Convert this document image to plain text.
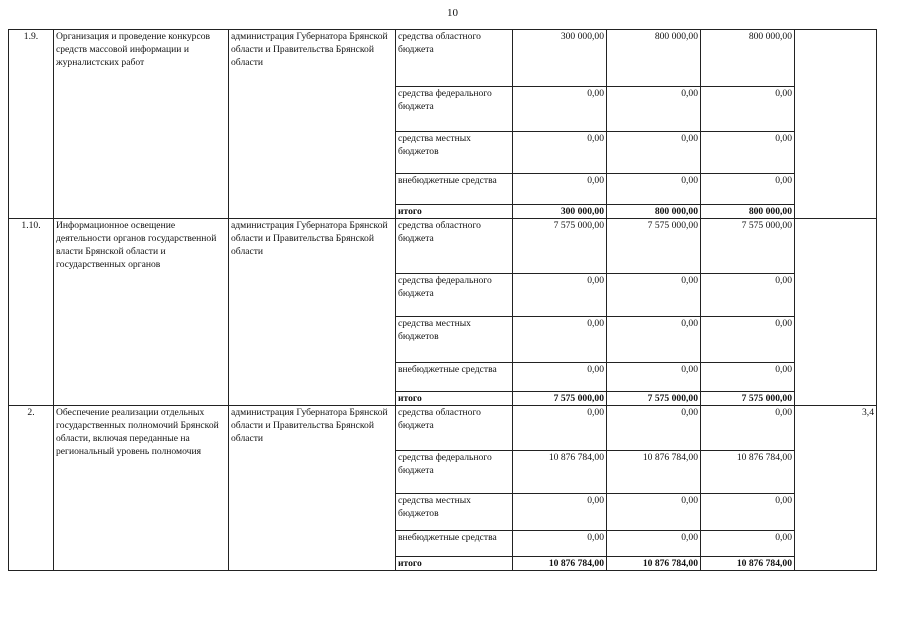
10
1.9.	Организация и проведение конкурсов средств массовой информации и журналистских работ	администрация Губернатора Брянской области и Правительства Брянской области	средства областного бюджета	300 000,00	800 000,00	800 000,00	
			средства федерального бюджета	0,00	0,00	0,00	
			средства местных бюджетов	0,00	0,00	0,00	
			внебюджетные средства	0,00	0,00	0,00	
			итого	300 000,00	800 000,00	800 000,00	
1.10.	Информационное освещение деятельности органов государственной власти Брянской области и государственных органов	администрация Губернатора Брянской области и Правительства Брянской области	средства областного бюджета	7 575 000,00	7 575 000,00	7 575 000,00	
			средства федерального бюджета	0,00	0,00	0,00	
			средства местных бюджетов	0,00	0,00	0,00	
			внебюджетные средства	0,00	0,00	0,00	
			итого	7 575 000,00	7 575 000,00	7 575 000,00	
2.	Обеспечение реализации отдельных государственных полномочий Брянской области, включая переданные на региональный уровень полномочия	администрация Губернатора Брянской области и Правительства Брянской области	средства областного бюджета	0,00	0,00	0,00	3,4
			средства федерального бюджета	10 876 784,00	10 876 784,00	10 876 784,00	
			средства местных бюджетов	0,00	0,00	0,00	
			внебюджетные средства	0,00	0,00	0,00	
			итого	10 876 784,00	10 876 784,00	10 876 784,00	
